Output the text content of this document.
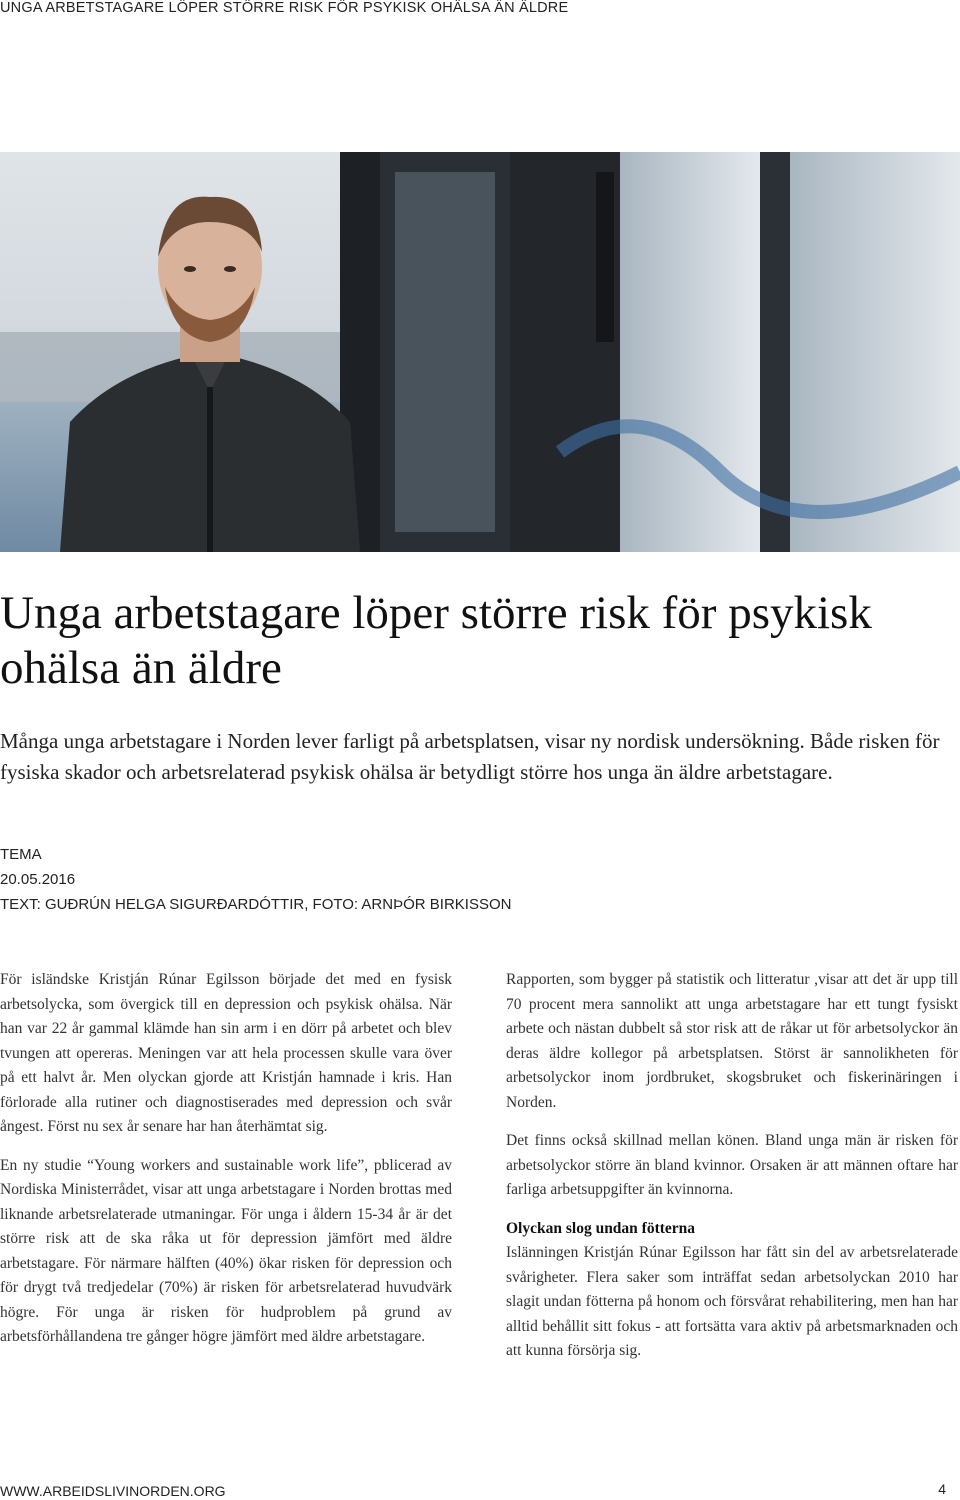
UNGA ARBETSTAGARE LÖPER STÖRRE RISK FÖR PSYKISK OHÄLSA ÄN ÄLDRE
Unga arbetstagare löper större risk för psykisk ohälsa än äldre

Många unga arbetstagare i Norden lever farligt på arbetsplatsen, visar ny nordisk undersökning. Både risken för fysiska skador och arbetsrelaterad psykisk ohälsa är betydligt större hos unga än äldre arbetstagare.

TEMA
20.05.2016
TEXT: GUÐRÚN HELGA SIGURÐARDÓTTIR, FOTO: ARNÞÓR BIRKISSON

För isländske Kristján Rúnar Egilsson började det med en fysisk arbetsolycka, som övergick till en depression och psykisk ohälsa. När han var 22 år gammal klämde han sin arm i en dörr på arbetet och blev tvungen att opereras. Meningen var att hela processen skulle vara över på ett halvt år. Men olyckan gjorde att Kristján hamnade i kris. Han förlorade alla rutiner och diagnostiserades med depression och svår ångest. Först nu sex år senare har han återhämtat sig.

En ny studie “Young workers and sustainable work life”, pblicerad av Nordiska Ministerrådet, visar att unga arbetstagare i Norden brottas med liknande arbetsrelaterade utmaningar. För unga i åldern 15-34 år är det större risk att de ska råka ut för depression jämfört med äldre arbetstagare. För närmare hälften (40%) ökar risken för depression och för drygt två tredjedelar (70%) är risken för arbetsrelaterad huvudvärk högre. För unga är risken för hudproblem på grund av arbetsförhållandena tre gånger högre jämfört med äldre arbetstagare.

Rapporten, som bygger på statistik och litteratur ,visar att det är upp till 70 procent mera sannolikt att unga arbetstagare har ett tungt fysiskt arbete och nästan dubbelt så stor risk att de råkar ut för arbetsolyckor än deras äldre kollegor på arbetsplatsen. Störst är sannolikheten för arbetsolyckor inom jordbruket, skogsbruket och fiskerinäringen i Norden.

Det finns också skillnad mellan könen. Bland unga män är risken för arbetsolyckor större än bland kvinnor. Orsaken är att männen oftare har farliga arbetsuppgifter än kvinnorna.

Olyckan slog undan fötterna

Islänningen Kristján Rúnar Egilsson har fått sin del av arbetsrelaterade svårigheter. Flera saker som inträffat sedan arbetsolyckan 2010 har slagit undan fötterna på honom och försvårat rehabilitering, men han har alltid behållit sitt fokus - att fortsätta vara aktiv på arbetsmarknaden och att kunna försörja sig.

WWW.ARBEIDSLIVINORDEN.ORG	4
